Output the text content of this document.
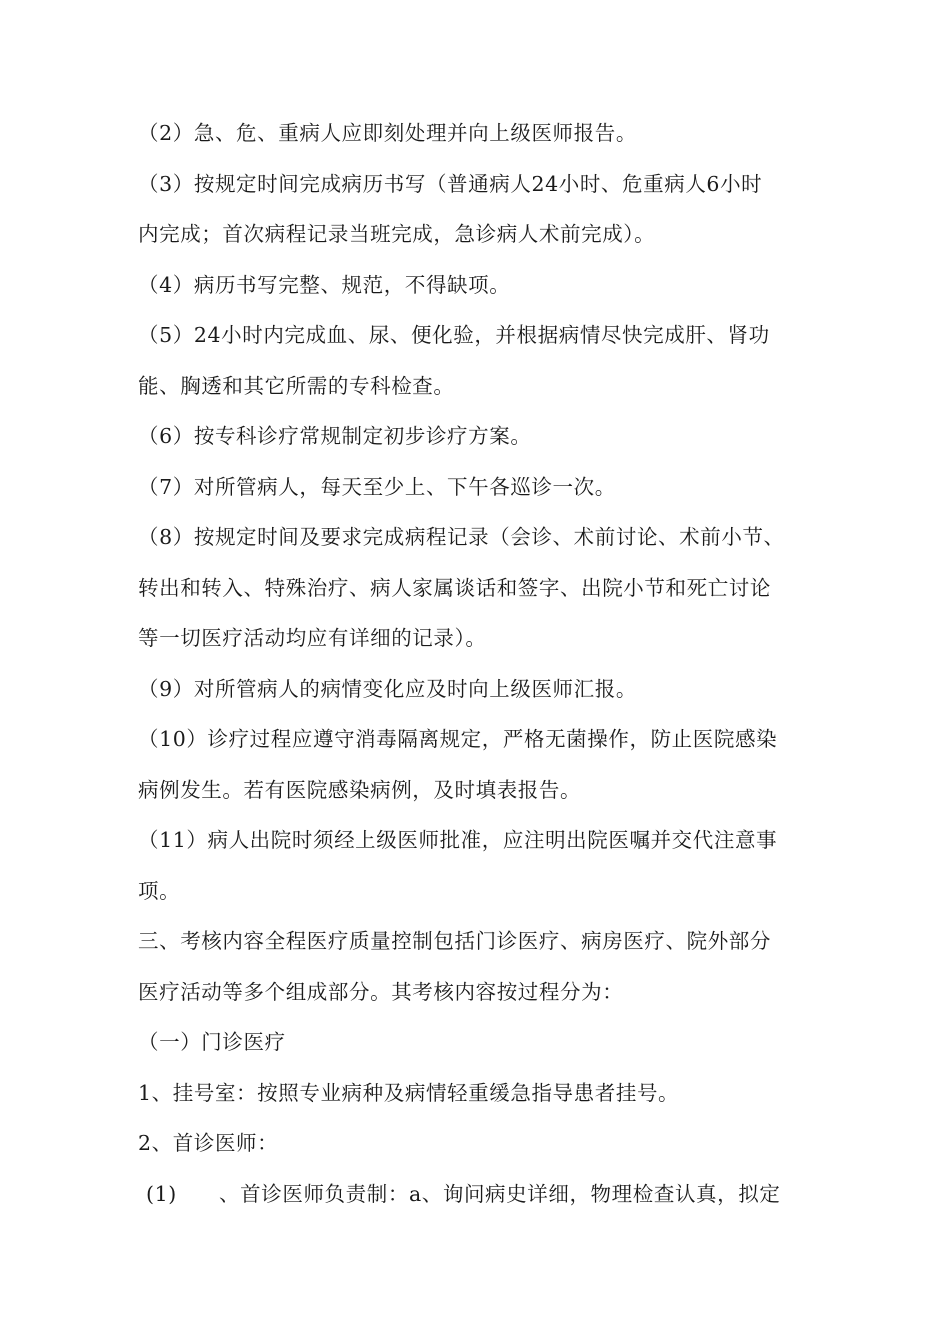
（2）急、危、重病人应即刻处理并向上级医师报告。
（3）按规定时间完成病历书写（普通病人24小时、危重病人6小时
内完成；首次病程记录当班完成，急诊病人术前完成）。
（4）病历书写完整、规范，不得缺项。
（5）24小时内完成血、尿、便化验，并根据病情尽快完成肝、肾功
能、胸透和其它所需的专科检查。
（6）按专科诊疗常规制定初步诊疗方案。
（7）对所管病人，每天至少上、下午各巡诊一次。
（8）按规定时间及要求完成病程记录（会诊、术前讨论、术前小节、
转出和转入、特殊治疗、病人家属谈话和签字、出院小节和死亡讨论
等一切医疗活动均应有详细的记录）。
（9）对所管病人的病情变化应及时向上级医师汇报。
（10）诊疗过程应遵守消毒隔离规定，严格无菌操作，防止医院感染
病例发生。若有医院感染病例，及时填表报告。
（11）病人出院时须经上级医师批准，应注明出院医嘱并交代注意事
项。
三、考核内容全程医疗质量控制包括门诊医疗、病房医疗、院外部分
医疗活动等多个组成部分。其考核内容按过程分为：
（一）门诊医疗
1、挂号室：按照专业病种及病情轻重缓急指导患者挂号。
2、首诊医师：
(1)　　、首诊医师负责制：a、询问病史详细，物理检查认真，拟定
